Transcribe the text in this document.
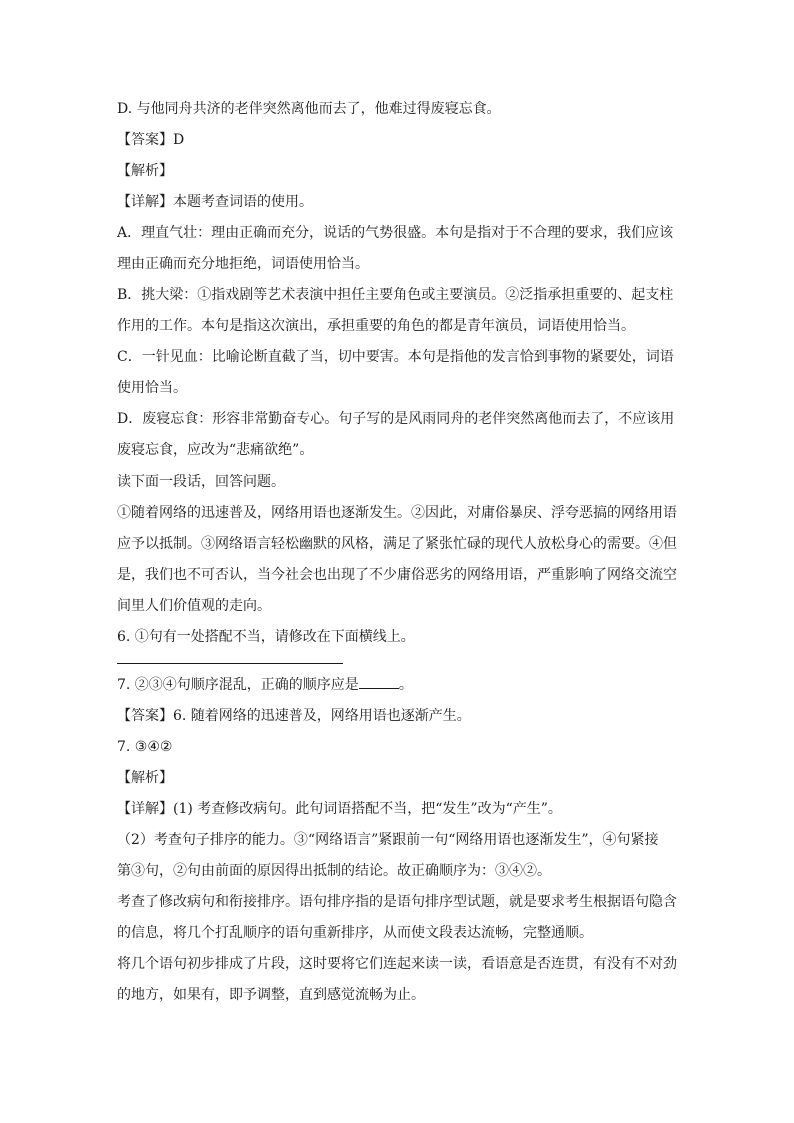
D. 与他同舟共济的老伴突然离他而去了，他难过得废寝忘食。

【答案】D

【解析】

【详解】本题考查词语的使用。

A．理直气壮：理由正确而充分，说话的气势很盛。本句是指对于不合理的要求，我们应该

理由正确而充分地拒绝，词语使用恰当。

B．挑大梁：①指戏剧等艺术表演中担任主要角色或主要演员。②泛指承担重要的、起支柱

作用的工作。本句是指这次演出，承担重要的角色的都是青年演员，词语使用恰当。

C．一针见血：比喻论断直截了当，切中要害。本句是指他的发言恰到事物的紧要处，词语

使用恰当。

D．废寝忘食：形容非常勤奋专心。句子写的是风雨同舟的老伴突然离他而去了，不应该用

废寝忘食，应改为“悲痛欲绝”。

读下面一段话，回答问题。

①随着网络的迅速普及，网络用语也逐渐发生。②因此，对庸俗暴戾、浮夸恶搞的网络用语

应予以抵制。③网络语言轻松幽默的风格，满足了紧张忙碌的现代人放松身心的需要。④但

是，我们也不可否认，当今社会也出现了不少庸俗恶劣的网络用语，严重影响了网络交流空

间里人们价值观的走向。

6. ①句有一处搭配不当，请修改在下面横线上。

7. ②③④句顺序混乱，正确的顺序应是	。

【答案】6. 随着网络的迅速普及，网络用语也逐渐产生。

7. ③④②

【解析】

【详解】(1) 考查修改病句。此句词语搭配不当，把“发生”改为“产生”。

（2）考查句子排序的能力。③“网络语言”紧跟前一句“网络用语也逐渐发生”，④句紧接

第③句，②句由前面的原因得出抵制的结论。故正确顺序为：③④②。

考查了修改病句和衔接排序。语句排序指的是语句排序型试题，就是要求考生根据语句隐含

的信息，将几个打乱顺序的语句重新排序，从而使文段表达流畅，完整通顺。

将几个语句初步排成了片段，这时要将它们连起来读一读，看语意是否连贯，有没有不对劲

的地方，如果有，即予调整，直到感觉流畅为止。
